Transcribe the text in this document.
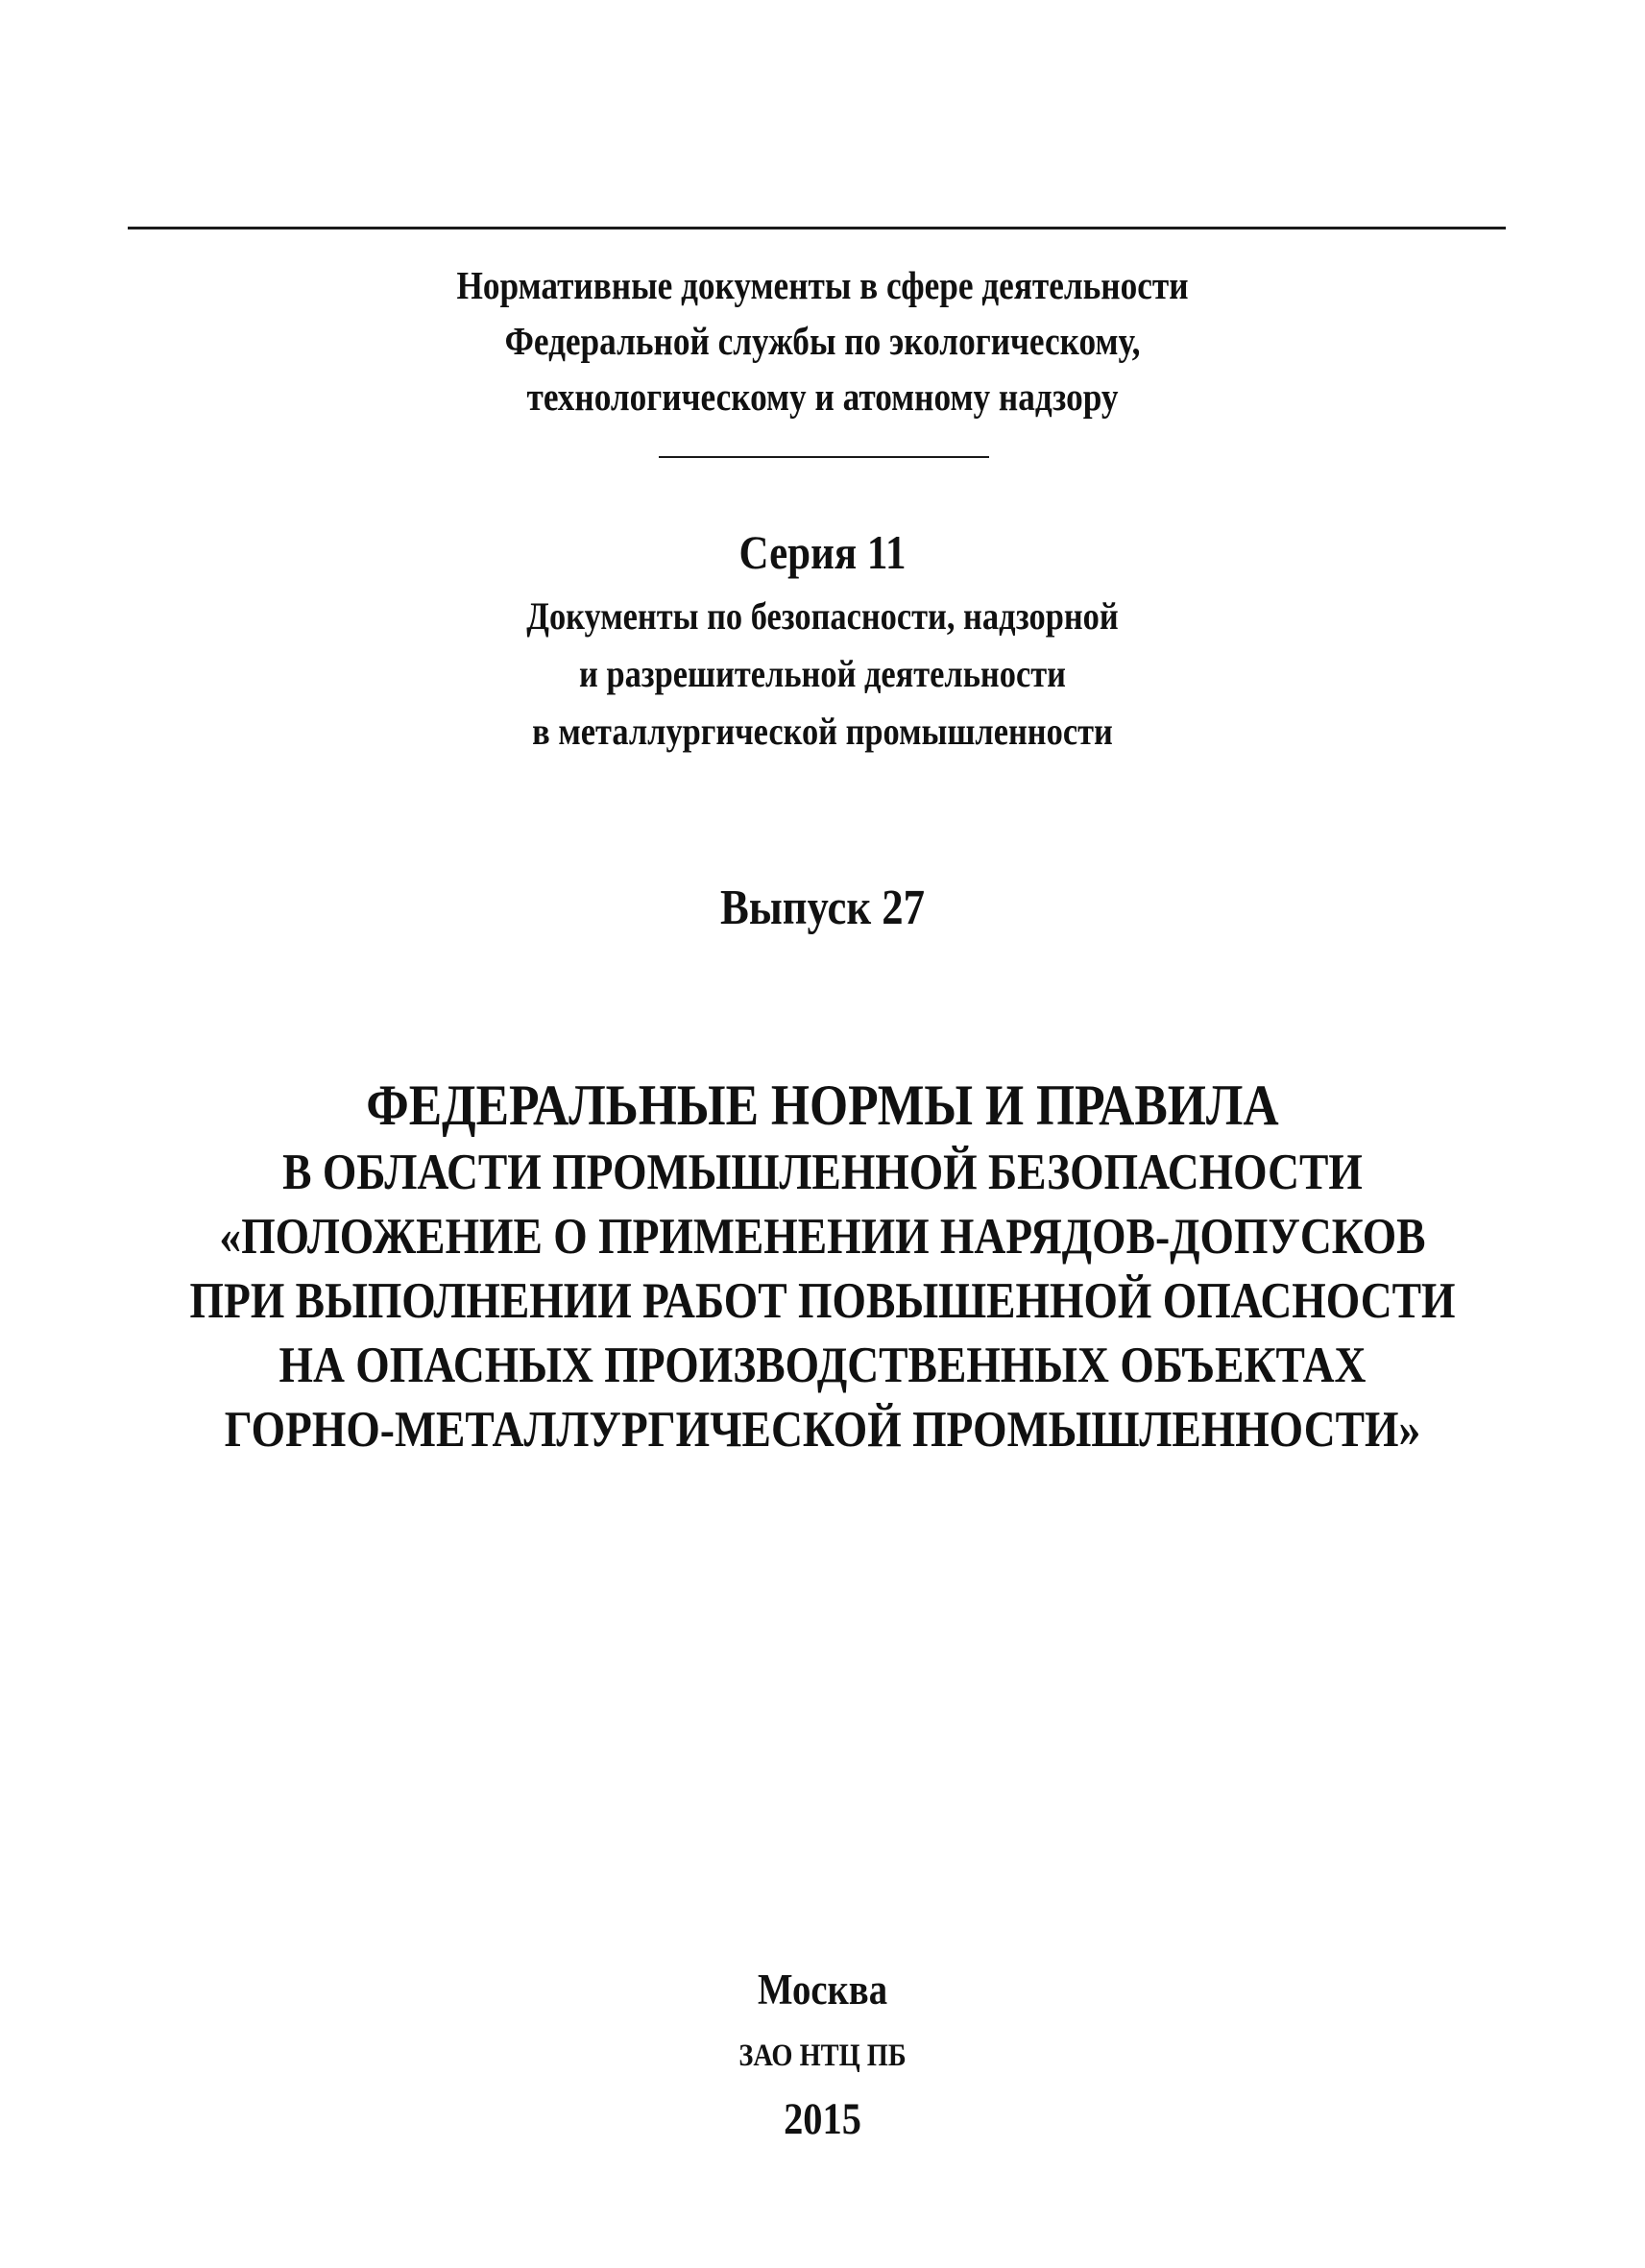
Нормативные документы в сфере деятельности
Федеральной службы по экологическому,
технологическому и атомному надзору
Серия 11
Документы по безопасности, надзорной
и разрешительной деятельности
в металлургической промышленности
Выпуск 27
ФЕДЕРАЛЬНЫЕ НОРМЫ И ПРАВИЛА
В ОБЛАСТИ ПРОМЫШЛЕННОЙ БЕЗОПАСНОСТИ
«ПОЛОЖЕНИЕ О ПРИМЕНЕНИИ НАРЯДОВ-ДОПУСКОВ
ПРИ ВЫПОЛНЕНИИ РАБОТ ПОВЫШЕННОЙ ОПАСНОСТИ
НА ОПАСНЫХ ПРОИЗВОДСТВЕННЫХ ОБЪЕКТАХ
ГОРНО-МЕТАЛЛУРГИЧЕСКОЙ ПРОМЫШЛЕННОСТИ»
Москва
ЗАО НТЦ ПБ
2015
